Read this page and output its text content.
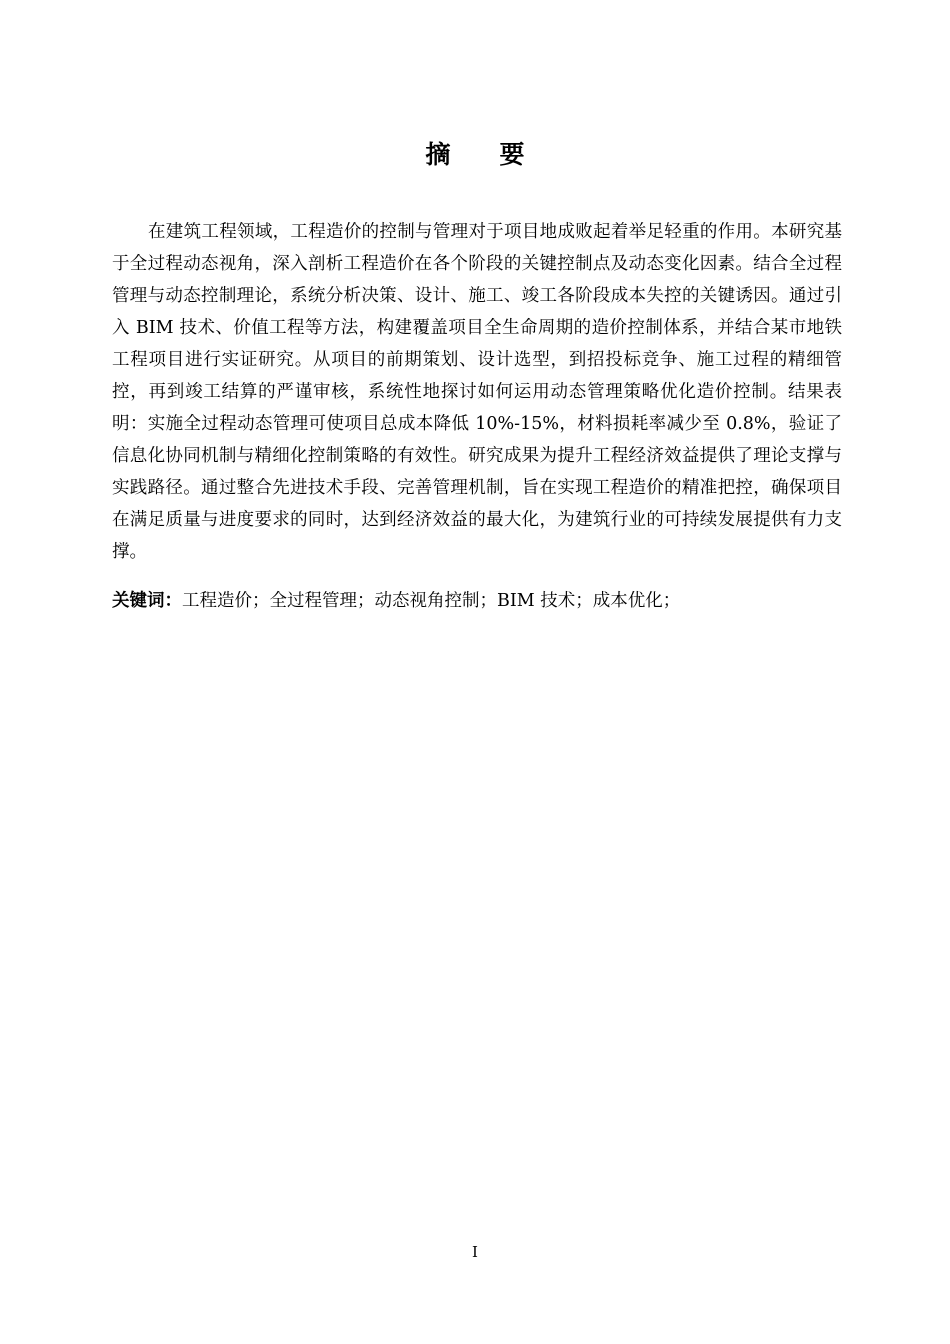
摘　要

在建筑工程领域，工程造价的控制与管理对于项目地成败起着举足轻重的作用。本研究基于全过程动态视角，深入剖析工程造价在各个阶段的关键控制点及动态变化因素。结合全过程管理与动态控制理论，系统分析决策、设计、施工、竣工各阶段成本失控的关键诱因。通过引入 BIM 技术、价值工程等方法，构建覆盖项目全生命周期的造价控制体系，并结合某市地铁工程项目进行实证研究。从项目的前期策划、设计选型，到招投标竞争、施工过程的精细管控，再到竣工结算的严谨审核，系统性地探讨如何运用动态管理策略优化造价控制。结果表明：实施全过程动态管理可使项目总成本降低 10%-15%，材料损耗率减少至 0.8%，验证了信息化协同机制与精细化控制策略的有效性。研究成果为提升工程经济效益提供了理论支撑与实践路径。通过整合先进技术手段、完善管理机制，旨在实现工程造价的精准把控，确保项目在满足质量与进度要求的同时，达到经济效益的最大化，为建筑行业的可持续发展提供有力支撑。

关键词：工程造价；全过程管理；动态视角控制；BIM 技术；成本优化；

I
